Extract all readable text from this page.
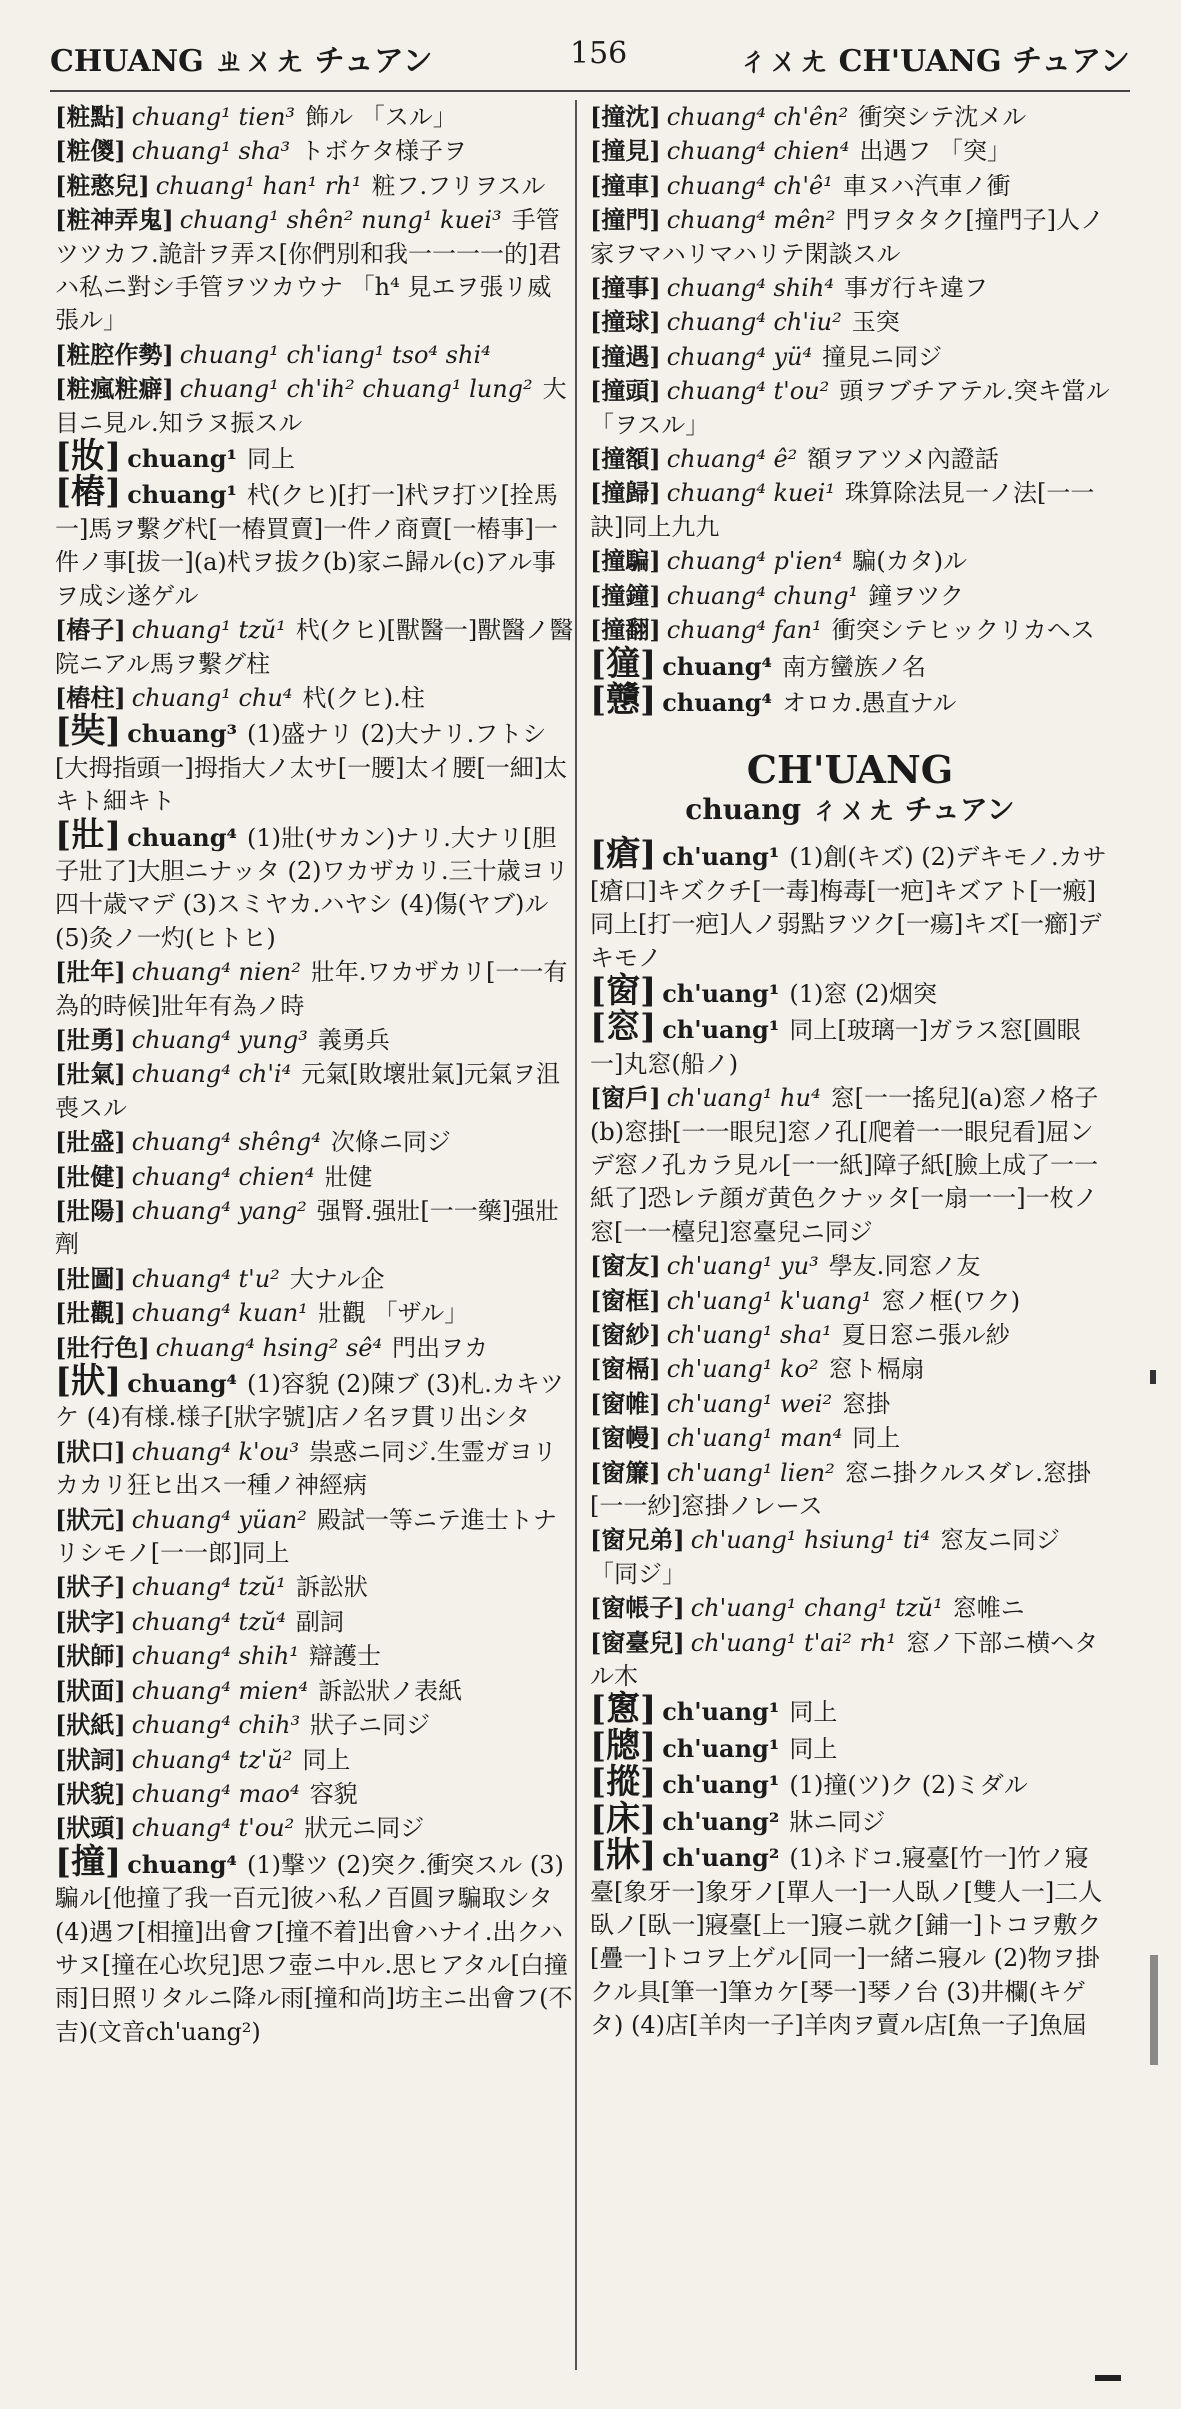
CHUANG ㄓㄨㄤ チュアン	156	ㄔㄨㄤ CH'UANG チュアン

[ 粧點 ] chuang¹ tien³ 飾ル 「スル」

[ 粧儍 ] chuang¹ sha³ トボケタ様子ヲ

[ 粧憨兒 ] chuang¹ han¹ rh¹ 粧フ.フリヲスル

[ 粧神弄鬼 ] chuang¹ shên² nung¹ kuei³ 手管ツツカフ.詭計ヲ弄ス[你們別和我一一一一的]君ハ私ニ對シ手管ヲツカウナ 「h⁴ 見エヲ張リ威張ル」

[ 粧腔作勢 ] chuang¹ ch'iang¹ tso⁴ shi⁴

[ 粧瘋粧癖 ] chuang¹ ch'ih² chuang¹ lung² 大目ニ見ル.知ラヌ振スル

[ 妝 ] chuang¹ 同上

[ 樁 ] chuang¹ 杙(クヒ)[打一]杙ヲ打ツ[拴馬一]馬ヲ繫グ杙[一樁買賣]一件ノ商賣[一樁事]一件ノ事[拔一](a)杙ヲ拔ク(b)家ニ歸ル(c)アル事ヲ成シ遂ゲル

[ 樁子 ] chuang¹ tzŭ¹ 杙(クヒ)[獸醫一]獸醫ノ醫院ニアル馬ヲ繫グ柱

[ 樁柱 ] chuang¹ chu⁴ 杙(クヒ).柱

[ 奘 ] chuang³ (1)盛ナリ (2)大ナリ.フトシ[大拇指頭一]拇指大ノ太サ[一腰]太イ腰[一細]太キト細キト

[ 壯 ] chuang⁴ (1)壯(サカン)ナリ.大ナリ[胆子壯了]大胆ニナッタ (2)ワカザカリ.三十歳ヨリ四十歳マデ (3)スミヤカ.ハヤシ (4)傷(ヤブ)ル (5)灸ノ一灼(ヒトヒ)

[ 壯年 ] chuang⁴ nien² 壯年.ワカザカリ[一一有為的時候]壯年有為ノ時

[ 壯勇 ] chuang⁴ yung³ 義勇兵

[ 壯氣 ] chuang⁴ ch'i⁴ 元氣[敗壞壯氣]元氣ヲ沮喪スル

[ 壯盛 ] chuang⁴ shêng⁴ 次條ニ同ジ

[ 壯健 ] chuang⁴ chien⁴ 壯健

[ 壯陽 ] chuang⁴ yang² 强腎.强壯[一一藥]强壯劑

[ 壯圖 ] chuang⁴ t'u² 大ナル企

[ 壯觀 ] chuang⁴ kuan¹ 壯觀 「ザル」

[ 壯行色 ] chuang⁴ hsing² sê⁴ 門出ヲカ

[ 狀 ] chuang⁴ (1)容貌 (2)陳ブ (3)札.カキツケ (4)有様.様子[狀字號]店ノ名ヲ貫リ出シタ

[ 狀口 ] chuang⁴ k'ou³ 祟惑ニ同ジ.生霊ガヨリカカリ狂ヒ出ス一種ノ神經病

[ 狀元 ] chuang⁴ yüan² 殿試一等ニテ進士トナリシモノ[一一郎]同上

[ 狀子 ] chuang⁴ tzŭ¹ 訴訟狀

[ 狀字 ] chuang⁴ tzŭ⁴ 副詞

[ 狀師 ] chuang⁴ shih¹ 辯護士

[ 狀面 ] chuang⁴ mien⁴ 訴訟狀ノ表紙

[ 狀紙 ] chuang⁴ chih³ 狀子ニ同ジ

[ 狀詞 ] chuang⁴ tz'ŭ² 同上

[ 狀貌 ] chuang⁴ mao⁴ 容貌

[ 狀頭 ] chuang⁴ t'ou² 狀元ニ同ジ

[ 撞 ] chuang⁴ (1)撃ツ (2)突ク.衝突スル (3)騙ル[他撞了我一百元]彼ハ私ノ百圓ヲ騙取シタ (4)遇フ[相撞]出會フ[撞不着]出會ハナイ.出クハサヌ[撞在心坎兒]思フ壺ニ中ル.思ヒアタル[白撞雨]日照リタルニ降ル雨[撞和尚]坊主ニ出會フ(不吉)(文音ch'uang²)

[ 撞沈 ] chuang⁴ ch'ên² 衝突シテ沈メル

[ 撞見 ] chuang⁴ chien⁴ 出遇フ 「突」

[ 撞車 ] chuang⁴ ch'ê¹ 車ヌハ汽車ノ衝

[ 撞門 ] chuang⁴ mên² 門ヲタタク[撞門子]人ノ家ヲマハリマハリテ閑談スル

[ 撞事 ] chuang⁴ shih⁴ 事ガ行キ違フ

[ 撞球 ] chuang⁴ ch'iu² 玉突

[ 撞遇 ] chuang⁴ yü⁴ 撞見ニ同ジ

[ 撞頭 ] chuang⁴ t'ou² 頭ヲブチアテル.突キ當ル 「ヲスル」

[ 撞額 ] chuang⁴ ê² 額ヲアツメ內證話

[ 撞歸 ] chuang⁴ kuei¹ 珠算除法見一ノ法[一一訣]同上九九

[ 撞騙 ] chuang⁴ p'ien⁴ 騙(カタ)ル

[ 撞鐘 ] chuang⁴ chung¹ 鐘ヲツク

[ 撞翻 ] chuang⁴ fan¹ 衝突シテヒックリカヘス

[ 獞 ] chuang⁴ 南方蠻族ノ名

[ 戇 ] chuang⁴ オロカ.愚直ナル

CH'UANG
chuang ㄔㄨㄤ チュアン

[ 瘡 ] ch'uang¹ (1)創(キズ) (2)デキモノ.カサ[瘡口]キズクチ[一毒]梅毒[一疤]キズアト[一瘢]同上[打一疤]人ノ弱點ヲツク[一瘍]キズ[一癤]デキモノ

[ 窗 ] ch'uang¹ (1)窓 (2)烟突

[ 窓 ] ch'uang¹ 同上[玻璃一]ガラス窓[圓眼一]丸窓(船ノ)

[ 窗戶 ] ch'uang¹ hu⁴ 窓[一一搖兒](a)窓ノ格子(b)窓掛[一一眼兒]窓ノ孔[爬着一一眼兒看]屈ンデ窓ノ孔カラ見ル[一一紙]障子紙[臉上成了一一紙了]恐レテ顔ガ黄色クナッタ[一扇一一]一枚ノ窓[一一檯兒]窓臺兒ニ同ジ

[ 窗友 ] ch'uang¹ yu³ 學友.同窓ノ友

[ 窗框 ] ch'uang¹ k'uang¹ 窓ノ框(ワク)

[ 窗紗 ] ch'uang¹ sha¹ 夏日窓ニ張ル紗

[ 窗槅 ] ch'uang¹ ko² 窓ト槅扇

[ 窗帷 ] ch'uang¹ wei² 窓掛

[ 窗幔 ] ch'uang¹ man⁴ 同上

[ 窗簾 ] ch'uang¹ lien² 窓ニ掛クルスダレ.窓掛[一一紗]窓掛ノレース

[ 窗兄弟 ] ch'uang¹ hsiung¹ ti⁴ 窓友ニ同ジ 「同ジ」

[ 窗帳子 ] ch'uang¹ chang¹ tzŭ¹ 窓帷ニ

[ 窗臺兒 ] ch'uang¹ t'ai² rh¹ 窓ノ下部ニ横ヘタル木

[ 窻 ] ch'uang¹ 同上

[ 牕 ] ch'uang¹ 同上

[ 摐 ] ch'uang¹ (1)撞(ツ)ク (2)ミダル

[ 床 ] ch'uang² 牀ニ同ジ

[ 牀 ] ch'uang² (1)ネドコ.寢臺[竹一]竹ノ寢臺[象牙一]象牙ノ[單人一]一人臥ノ[雙人一]二人臥ノ[臥一]寢臺[上一]寢ニ就ク[鋪一]トコヲ敷ク[疊一]トコヲ上ゲル[同一]一緒ニ寢ル (2)物ヲ掛クル具[筆一]筆カケ[琴一]琴ノ台 (3)井欄(キゲタ) (4)店[羊肉一子]羊肉ヲ賣ル店[魚一子]魚屆
